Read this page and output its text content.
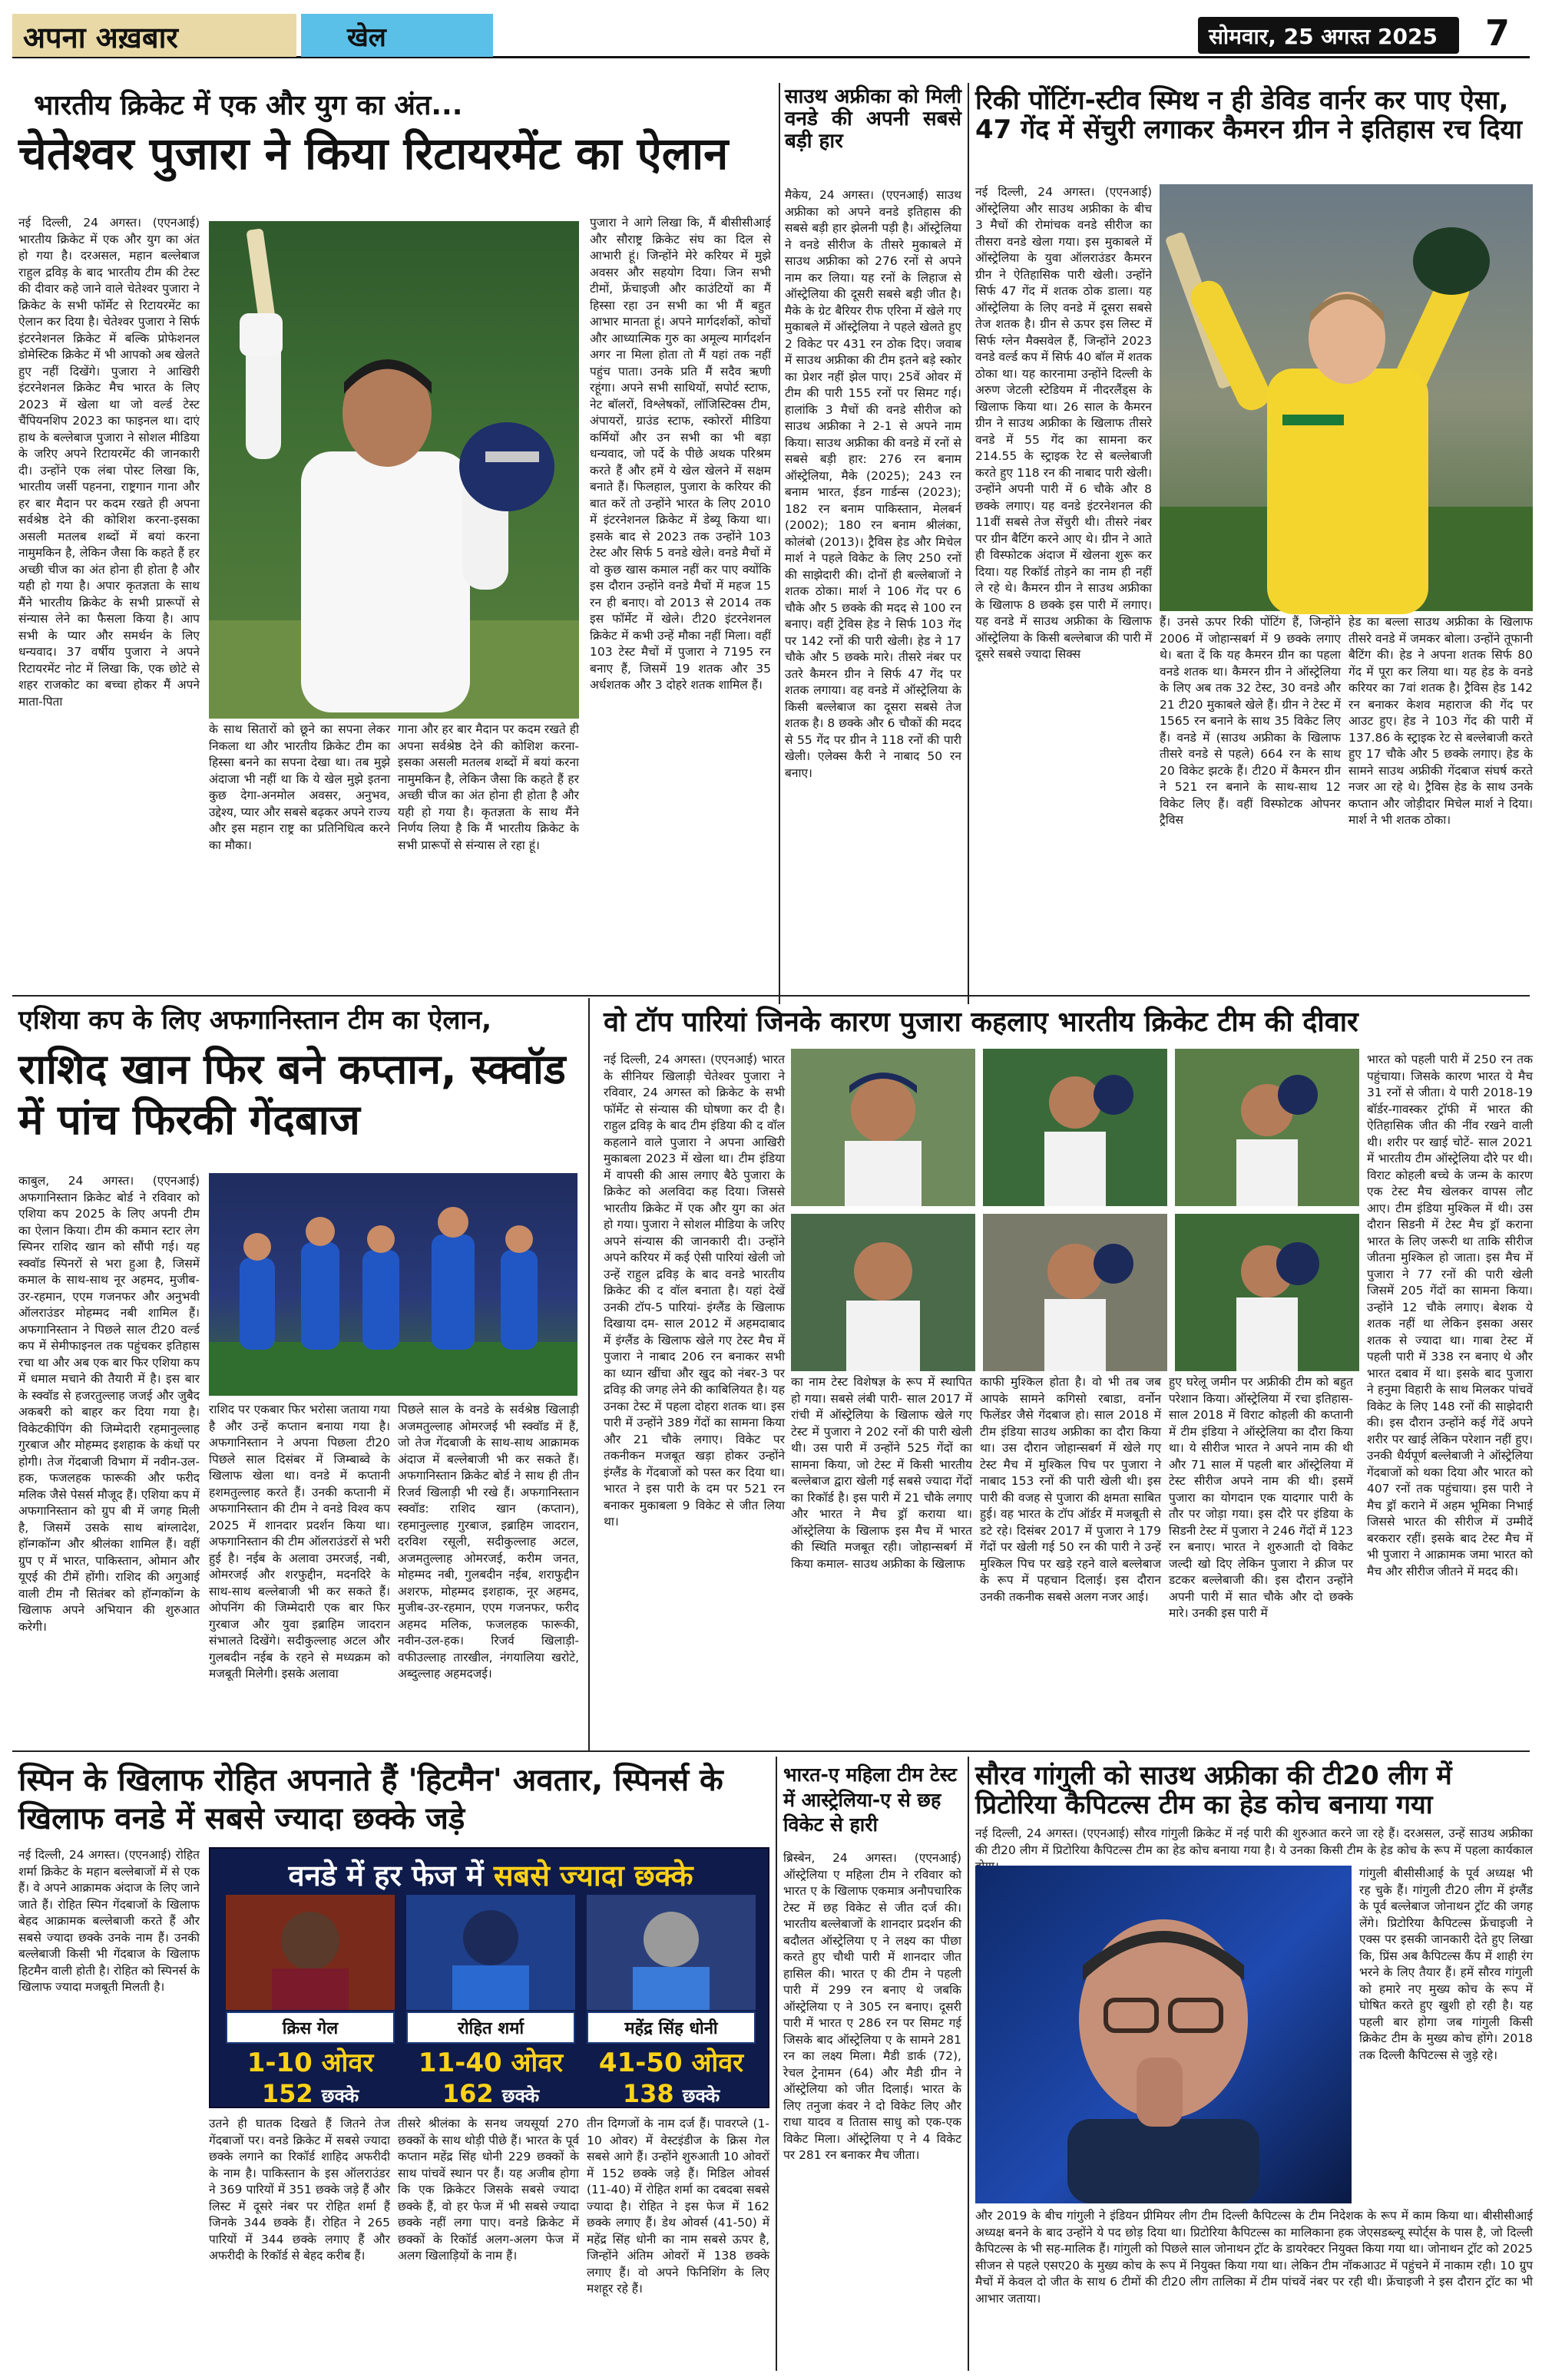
अपना अख़बार	खेल	सोमवार, 25 अगस्त 2025	7
भारतीय क्रिकेट में एक और युग का अंत...
चेतेश्वर पुजारा ने किया रिटायरमेंट का ऐलान
नई दिल्ली, 24 अगस्त। (एएनआई) भारतीय क्रिकेट में एक और युग का अंत हो गया है। दरअसल, महान बल्लेबाज राहुल द्रविड़ के बाद भारतीय टीम की टेस्ट की दीवार कहे जाने वाले चेतेश्वर पुजारा ने क्रिकेट के सभी फॉर्मेट से रिटायरमेंट का ऐलान कर दिया है। चेतेश्वर पुजारा ने सिर्फ इंटरनेशनल क्रिकेट में बल्कि प्रोफेशनल डोमेस्टिक क्रिकेट में भी आपको अब खेलते हुए नहीं दिखेंगे। पुजारा ने आखिरी इंटरनेशनल क्रिकेट मैच भारत के लिए 2023 में खेला था जो वर्ल्ड टेस्ट चैंपियनशिप 2023 का फाइनल था। दाएं हाथ के बल्लेबाज पुजारा ने सोशल मीडिया के जरिए अपने रिटायरमेंट की जानकारी दी। उन्होंने एक लंबा पोस्ट लिखा कि, भारतीय जर्सी पहनना, राष्ट्रगान गाना और हर बार मैदान पर कदम रखते ही अपना सर्वश्रेष्ठ देने की कोशिश करना-इसका असली मतलब शब्दों में बयां करना नामुमकिन है, लेकिन जैसा कि कहते हैं हर अच्छी चीज का अंत होना ही होता है और यही हो गया है। अपार कृतज्ञता के साथ मैंने भारतीय क्रिकेट के सभी प्रारूपों से संन्यास लेने का फैसला किया है। आप सभी के प्यार और समर्थन के लिए धन्यवाद। 37 वर्षीय पुजारा ने अपने रिटायरमेंट नोट में लिखा कि, एक छोटे से शहर राजकोट का बच्चा होकर मैं अपने माता-पिता
के साथ सितारों को छूने का सपना लेकर निकला था और भारतीय क्रिकेट टीम का हिस्सा बनने का सपना देखा था। तब मुझे अंदाजा भी नहीं था कि ये खेल मुझे इतना कुछ देगा-अनमोल अवसर, अनुभव, उद्देश्य, प्यार और सबसे बढ़कर अपने राज्य और इस महान राष्ट्र का प्रतिनिधित्व करने का मौका।
गाना और हर बार मैदान पर कदम रखते ही अपना सर्वश्रेष्ठ देने की कोशिश करना-इसका असली मतलब शब्दों में बयां करना नामुमकिन है, लेकिन जैसा कि कहते हैं हर अच्छी चीज का अंत होना ही होता है और यही हो गया है। कृतज्ञता के साथ मैंने निर्णय लिया है कि मैं भारतीय क्रिकेट के सभी प्रारूपों से संन्यास ले रहा हूं।
पुजारा ने आगे लिखा कि, मैं बीसीसीआई और सौराष्ट्र क्रिकेट संघ का दिल से आभारी हूं। जिन्होंने मेरे करियर में मुझे अवसर और सहयोग दिया। जिन सभी टीमों, फ्रेंचाइजी और काउंटियों का मैं हिस्सा रहा उन सभी का भी मैं बहुत आभार मानता हूं। अपने मार्गदर्शकों, कोचों और आध्यात्मिक गुरु का अमूल्य मार्गदर्शन अगर ना मिला होता तो मैं यहां तक नहीं पहुंच पाता। उनके प्रति मैं सदैव ऋणी रहूंगा। अपने सभी साथियों, सपोर्ट स्टाफ, नेट बॉलरों, विश्लेषकों, लॉजिस्टिक्स टीम, अंपायरों, ग्राउंड स्टाफ, स्कोररों मीडिया कर्मियों और उन सभी का भी बड़ा धन्यवाद, जो पर्दे के पीछे अथक परिश्रम करते हैं और हमें ये खेल खेलने में सक्षम बनाते हैं। फिलहाल, पुजारा के करियर की बात करें तो उन्होंने भारत के लिए 2010 में इंटरनेशनल क्रिकेट में डेब्यू किया था। इसके बाद से 2023 तक उन्होंने 103 टेस्ट और सिर्फ 5 वनडे खेले। वनडे मैचों में वो कुछ खास कमाल नहीं कर पाए क्योंकि इस दौरान उन्होंने वनडे मैचों में महज 15 रन ही बनाए। वो 2013 से 2014 तक इस फॉर्मेट में खेले। टी20 इंटरनेशनल क्रिकेट में कभी उन्हें मौका नहीं मिला। वहीं 103 टेस्ट मैचों में पुजारा ने 7195 रन बनाए हैं, जिसमें 19 शतक और 35 अर्धशतक और 3 दोहरे शतक शामिल हैं।
साउथ अफ्रीका को मिली वनडे की अपनी सबसे बड़ी हार
मैकेय, 24 अगस्त। (एएनआई) साउथ अफ्रीका को अपने वनडे इतिहास की सबसे बड़ी हार झेलनी पड़ी है। ऑस्ट्रेलिया ने वनडे सीरीज के तीसरे मुकाबले में साउथ अफ्रीका को 276 रनों से अपने नाम कर लिया। यह रनों के लिहाज से ऑस्ट्रेलिया की दूसरी सबसे बड़ी जीत है। मैके के ग्रेट बैरियर रीफ एरिना में खेले गए मुकाबले में ऑस्ट्रेलिया ने पहले खेलते हुए 2 विकेट पर 431 रन ठोक दिए। जवाब में साउथ अफ्रीका की टीम इतने बड़े स्कोर का प्रेशर नहीं झेल पाए। 25वें ओवर में टीम की पारी 155 रनों पर सिमट गई। हालांकि 3 मैचों की वनडे सीरीज को साउथ अफ्रीका ने 2-1 से अपने नाम किया। साउथ अफ्रीका की वनडे में रनों से सबसे बड़ी हार: 276 रन बनाम ऑस्ट्रेलिया, मैके (2025); 243 रन बनाम भारत, ईडन गार्डन्स (2023); 182 रन बनाम पाकिस्तान, मेलबर्न (2002); 180 रन बनाम श्रीलंका, कोलंबो (2013)। ट्रैविस हेड और मिचेल मार्श ने पहले विकेट के लिए 250 रनों की साझेदारी की। दोनों ही बल्लेबाजों ने शतक ठोका। मार्श ने 106 गेंद पर 6 चौके और 5 छक्के की मदद से 100 रन बनाए। वहीं ट्रेविस हेड ने सिर्फ 103 गेंद पर 142 रनों की पारी खेली। हेड ने 17 चौके और 5 छक्के मारे। तीसरे नंबर पर उतरे कैमरन ग्रीन ने सिर्फ 47 गेंद पर शतक लगाया। वह वनडे में ऑस्ट्रेलिया के किसी बल्लेबाज का दूसरा सबसे तेज शतक है। 8 छक्के और 6 चौकों की मदद से 55 गेंद पर ग्रीन ने 118 रनों की पारी खेली। एलेक्स कैरी ने नाबाद 50 रन बनाए।
रिकी पोंटिंग-स्टीव स्मिथ न ही डेविड वार्नर कर पाए ऐसा, 47 गेंद में सेंचुरी लगाकर कैमरन ग्रीन ने इतिहास रच दिया
नई दिल्ली, 24 अगस्त। (एएनआई) ऑस्ट्रेलिया और साउथ अफ्रीका के बीच 3 मैचों की रोमांचक वनडे सीरीज का तीसरा वनडे खेला गया। इस मुकाबले में ऑस्ट्रेलिया के युवा ऑलराउंडर कैमरन ग्रीन ने ऐतिहासिक पारी खेली। उन्होंने सिर्फ 47 गेंद में शतक ठोक डाला। यह ऑस्ट्रेलिया के लिए वनडे में दूसरा सबसे तेज शतक है। ग्रीन से ऊपर इस लिस्ट में सिर्फ ग्लेन मैक्सवेल हैं, जिन्होंने 2023 वनडे वर्ल्ड कप में सिर्फ 40 बॉल में शतक ठोका था। यह कारनामा उन्होंने दिल्ली के अरुण जेटली स्टेडियम में नीदरलैंड्स के खिलाफ किया था। 26 साल के कैमरन ग्रीन ने साउथ अफ्रीका के खिलाफ तीसरे वनडे में 55 गेंद का सामना कर 214.55 के स्ट्राइक रेट से बल्लेबाजी करते हुए 118 रन की नाबाद पारी खेली। उन्होंने अपनी पारी में 6 चौके और 8 छक्के लगाए। यह वनडे इंटरनेशनल की 11वीं सबसे तेज सेंचुरी थी। तीसरे नंबर पर ग्रीन बैटिंग करने आए थे। ग्रीन ने आते ही विस्फोटक अंदाज में खेलना शुरू कर दिया। यह रिकॉर्ड तोड़ने का नाम ही नहीं ले रहे थे। कैमरन ग्रीन ने साउथ अफ्रीका के खिलाफ 8 छक्के इस पारी में लगाए। यह वनडे में साउथ अफ्रीका के खिलाफ ऑस्ट्रेलिया के किसी बल्लेबाज की पारी में दूसरे सबसे ज्यादा सिक्स
हैं। उनसे ऊपर रिकी पोंटिंग हैं, जिन्होंने 2006 में जोहान्सबर्ग में 9 छक्के लगाए थे। बता दें कि यह कैमरन ग्रीन का पहला वनडे शतक था। कैमरन ग्रीन ने ऑस्ट्रेलिया के लिए अब तक 32 टेस्ट, 30 वनडे और 21 टी20 मुकाबले खेले हैं। ग्रीन ने टेस्ट में 1565 रन बनाने के साथ 35 विकेट लिए हैं। वनडे में (साउथ अफ्रीका के खिलाफ तीसरे वनडे से पहले) 664 रन के साथ 20 विकेट झटके हैं। टी20 में कैमरन ग्रीन ने 521 रन बनाने के साथ-साथ 12 विकेट लिए हैं। वहीं विस्फोटक ओपनर ट्रैविस
हेड का बल्ला साउथ अफ्रीका के खिलाफ तीसरे वनडे में जमकर बोला। उन्होंने तूफानी बैटिंग की। हेड ने अपना शतक सिर्फ 80 गेंद में पूरा कर लिया था। यह हेड के वनडे करियर का 7वां शतक है। ट्रैविस हेड 142 रन बनाकर केशव महाराज की गेंद पर आउट हुए। हेड ने 103 गेंद की पारी में 137.86 के स्ट्राइक रेट से बल्लेबाजी करते हुए 17 चौके और 5 छक्के लगाए। हेड के सामने साउथ अफ्रीकी गेंदबाज संघर्ष करते नजर आ रहे थे। ट्रैविस हेड के साथ उनके कप्तान और जोड़ीदार मिचेल मार्श ने दिया। मार्श ने भी शतक ठोका।
एशिया कप के लिए अफगानिस्तान टीम का ऐलान,
राशिद खान फिर बने कप्तान, स्क्वॉड में पांच फिरकी गेंदबाज
काबुल, 24 अगस्त। (एएनआई) अफगानिस्तान क्रिकेट बोर्ड ने रविवार को एशिया कप 2025 के लिए अपनी टीम का ऐलान किया। टीम की कमान स्टार लेग स्पिनर राशिद खान को सौंपी गई। यह स्क्वॉड स्पिनरों से भरा हुआ है, जिसमें कमाल के साथ-साथ नूर अहमद, मुजीब-उर-रहमान, एएम गजनफर और अनुभवी ऑलराउंडर मोहम्मद नबी शामिल हैं। अफगानिस्तान ने पिछले साल टी20 वर्ल्ड कप में सेमीफाइनल तक पहुंचकर इतिहास रचा था और अब एक बार फिर एशिया कप में धमाल मचाने की तैयारी में है। इस बार के स्क्वॉड से हजरतुल्लाह जजई और जुबैद अकबरी को बाहर कर दिया गया है। विकेटकीपिंग की जिम्मेदारी रहमानुल्लाह गुरबाज और मोहम्मद इशहाक के कंधों पर होगी। तेज गेंदबाजी विभाग में नवीन-उल-हक, फजलहक फारूकी और फरीद मलिक जैसे पेसर्स मौजूद हैं। एशिया कप में अफगानिस्तान को ग्रुप बी में जगह मिली है, जिसमें उसके साथ बांग्लादेश, हॉन्गकॉन्ग और श्रीलंका शामिल हैं। वहीं ग्रुप ए में भारत, पाकिस्तान, ओमान और यूएई की टीमें होंगी। राशिद की अगुआई वाली टीम नौ सितंबर को हॉन्गकॉन्ग के खिलाफ अपने अभियान की शुरुआत करेगी।
राशिद पर एकबार फिर भरोसा जताया गया है और उन्हें कप्तान बनाया गया है। अफगानिस्तान ने अपना पिछला टी20 पिछले साल दिसंबर में जिम्बाब्वे के खिलाफ खेला था। वनडे में कप्तानी हशमतुल्लाह करते हैं। उनकी कप्तानी में अफगानिस्तान की टीम ने वनडे विश्व कप 2025 में शानदार प्रदर्शन किया था। अफगानिस्तान की टीम ऑलराउंडरों से भरी हुई है। नईब के अलावा उमरजई, नबी, ओमरजई और शरफुद्दीन, मदनदिरे के साथ-साथ बल्लेबाजी भी कर सकते हैं। ओपनिंग की जिम्मेदारी एक बार फिर गुरबाज और युवा इब्राहिम जादरान संभालते दिखेंगे। सदीकुल्लाह अटल और गुलबदीन नईब के रहने से मध्यक्रम को मजबूती मिलेगी। इसके अलावा
पिछले साल के वनडे के सर्वश्रेष्ठ खिलाड़ी अजमतुल्लाह ओमरजई भी स्क्वॉड में हैं, जो तेज गेंदबाजी के साथ-साथ आक्रामक अंदाज में बल्लेबाजी भी कर सकते हैं। अफगानिस्तान क्रिकेट बोर्ड ने साथ ही तीन रिजर्व खिलाड़ी भी रखे हैं। अफगानिस्तान स्क्वॉड: राशिद खान (कप्तान), रहमानुल्लाह गुरबाज, इब्राहिम जादरान, दरविश रसूली, सदीकुल्लाह अटल, अजमतुल्लाह ओमरजई, करीम जनत, मोहम्मद नबी, गुलबदीन नईब, शराफुद्दीन अशरफ, मोहम्मद इशहाक, नूर अहमद, मुजीब-उर-रहमान, एएम गजनफर, फरीद अहमद मलिक, फजलहक फारूकी, नवीन-उल-हक। रिजर्व खिलाड़ी-वफीउल्लाह तारखील, नंगयालिया खरोटे, अब्दुल्लाह अहमदजई।
वो टॉप पारियां जिनके कारण पुजारा कहलाए भारतीय क्रिकेट टीम की दीवार
नई दिल्ली, 24 अगस्त। (एएनआई) भारत के सीनियर खिलाड़ी चेतेश्वर पुजारा ने रविवार, 24 अगस्त को क्रिकेट के सभी फॉर्मेट से संन्यास की घोषणा कर दी है। राहुल द्रविड़ के बाद टीम इंडिया की द वॉल कहलाने वाले पुजारा ने अपना आखिरी मुकाबला 2023 में खेला था। टीम इंडिया में वापसी की आस लगाए बैठे पुजारा के क्रिकेट को अलविदा कह दिया। जिससे भारतीय क्रिकेट में एक और युग का अंत हो गया। पुजारा ने सोशल मीडिया के जरिए अपने संन्यास की जानकारी दी। उन्होंने अपने करियर में कई ऐसी पारियां खेली जो उन्हें राहुल द्रविड़ के बाद वनडे भारतीय क्रिकेट की द वॉल बनाता है। यहां देखें उनकी टॉप-5 पारियां- इंग्लैंड के खिलाफ दिखाया दम- साल 2012 में अहमदाबाद में इंग्लैंड के खिलाफ खेले गए टेस्ट मैच में पुजारा ने नाबाद 206 रन बनाकर सभी का ध्यान खींचा और खुद को नंबर-3 पर द्रविड़ की जगह लेने की काबिलियत है। यह उनका टेस्ट में पहला दोहरा शतक था। इस पारी में उन्होंने 389 गेंदों का सामना किया और 21 चौके लगाए। विकेट पर तकनीकन मजबूत खड़ा होकर उन्होंने इंग्लैंड के गेंदबाजों को पस्त कर दिया था। भारत ने इस पारी के दम पर 521 रन बनाकर मुकाबला 9 विकेट से जीत लिया था।
का नाम टेस्ट विशेषज्ञ के रूप में स्थापित हो गया। सबसे लंबी पारी- साल 2017 में रांची में ऑस्ट्रेलिया के खिलाफ खेले गए टेस्ट में पुजारा ने 202 रनों की पारी खेली थी। उस पारी में उन्होंने 525 गेंदों का सामना किया, जो टेस्ट में किसी भारतीय बल्लेबाज द्वारा खेली गई सबसे ज्यादा गेंदों का रिकॉर्ड है। इस पारी में 21 चौके लगाए और भारत ने मैच ड्रॉ कराया था। ऑस्ट्रेलिया के खिलाफ इस मैच में भारत की स्थिति मजबूत रही। जोहान्सबर्ग में किया कमाल- साउथ अफ्रीका के खिलाफ
काफी मुश्किल होता है। वो भी तब जब आपके सामने कगिसो रबाडा, वर्नोन फिलेंडर जैसे गेंदबाज हो। साल 2018 में टीम इंडिया साउथ अफ्रीका का दौरा किया था। उस दौरान जोहान्सबर्ग में खेले गए टेस्ट मैच में मुश्किल पिच पर पुजारा ने नाबाद 153 रनों की पारी खेली थी। इस पारी की वजह से पुजारा की क्षमता साबित हुई। वह भारत के टॉप ऑर्डर में मजबूती से डटे रहे। दिसंबर 2017 में पुजारा ने 179 गेंदों पर खेली गई 50 रन की पारी ने उन्हें मुश्किल पिच पर खड़े रहने वाले बल्लेबाज के रूप में पहचान दिलाई। इस दौरान उनकी तकनीक सबसे अलग नजर आई।
हुए घरेलू जमीन पर अफ्रीकी टीम को बहुत परेशान किया। ऑस्ट्रेलिया में रचा इतिहास- साल 2018 में विराट कोहली की कप्तानी में टीम इंडिया ने ऑस्ट्रेलिया का दौरा किया था। ये सीरीज भारत ने अपने नाम की थी और 71 साल में पहली बार ऑस्ट्रेलिया में टेस्ट सीरीज अपने नाम की थी। इसमें पुजारा का योगदान एक यादगार पारी के तौर पर जोड़ा गया। इस दौरे पर इंडिया के सिडनी टेस्ट में पुजारा ने 246 गेंदों में 123 रन बनाए। भारत ने शुरुआती दो विकेट जल्दी खो दिए लेकिन पुजारा ने क्रीज पर डटकर बल्लेबाजी की। इस दौरान उन्होंने अपनी पारी में सात चौके और दो छक्के मारे। उनकी इस पारी में
भारत को पहली पारी में 250 रन तक पहुंचाया। जिसके कारण भारत ये मैच 31 रनों से जीता। ये पारी 2018-19 बॉर्डर-गावस्कर ट्रॉफी में भारत की ऐतिहासिक जीत की नींव रखने वाली थी। शरीर पर खाई चोटें- साल 2021 में भारतीय टीम ऑस्ट्रेलिया दौरे पर थी। विराट कोहली बच्चे के जन्म के कारण एक टेस्ट मैच खेलकर वापस लौट आए। टीम इंडिया मुश्किल में थी। उस दौरान सिडनी में टेस्ट मैच ड्रॉ कराना भारत के लिए जरूरी था ताकि सीरीज जीतना मुश्किल हो जाता। इस मैच में पुजारा ने 77 रनों की पारी खेली जिसमें 205 गेंदों का सामना किया। उन्होंने 12 चौके लगाए। बेशक ये शतक नहीं था लेकिन इसका असर शतक से ज्यादा था। गाबा टेस्ट में पहली पारी में 338 रन बनाए थे और भारत दबाव में था। इसके बाद पुजारा ने हनुमा विहारी के साथ मिलकर पांचवें विकेट के लिए 148 रनों की साझेदारी की। इस दौरान उन्होंने कई गेंदें अपने शरीर पर खाई लेकिन परेशान नहीं हुए। उनकी धैर्यपूर्ण बल्लेबाजी ने ऑस्ट्रेलिया गेंदबाजों को थका दिया और भारत को 407 रनों तक पहुंचाया। इस पारी ने मैच ड्रॉ कराने में अहम भूमिका निभाई जिससे भारत की सीरीज में उम्मीदें बरकरार रहीं। इसके बाद टेस्ट मैच में भी पुजारा ने आक्रामक जमा भारत को मैच और सीरीज जीतने में मदद की।
स्पिन के खिलाफ रोहित अपनाते हैं 'हिटमैन' अवतार, स्पिनर्स के खिलाफ वनडे में सबसे ज्यादा छक्के जड़े
नई दिल्ली, 24 अगस्त। (एएनआई) रोहित शर्मा क्रिकेट के महान बल्लेबाजों में से एक हैं। वे अपने आक्रामक अंदाज के लिए जाने जाते हैं। रोहित स्पिन गेंदबाजों के खिलाफ बेहद आक्रामक बल्लेबाजी करते हैं और सबसे ज्यादा छक्के उनके नाम हैं। उनकी बल्लेबाजी किसी भी गेंदबाज के खिलाफ हिटमैन वाली होती है। रोहित को स्पिनर्स के खिलाफ ज्यादा मजबूती मिलती है।
वनडे में हर फेज में सबसे ज्यादा छक्के
क्रिस गेल
1-10 ओवर
152 छक्के
रोहित शर्मा
11-40 ओवर
162 छक्के
महेंद्र सिंह धोनी
41-50 ओवर
138 छक्के
उतने ही घातक दिखते हैं जितने तेज गेंदबाजों पर। वनडे क्रिकेट में सबसे ज्यादा छक्के लगाने का रिकॉर्ड शाहिद अफरीदी के नाम है। पाकिस्तान के इस ऑलराउंडर ने 369 पारियों में 351 छक्के जड़े हैं और लिस्ट में दूसरे नंबर पर रोहित शर्मा हैं जिनके 344 छक्के हैं। रोहित ने 265 पारियों में 344 छक्के लगाए हैं और अफरीदी के रिकॉर्ड से बेहद करीब हैं।
तीसरे श्रीलंका के सनथ जयसूर्या 270 छक्कों के साथ थोड़ी पीछे हैं। भारत के पूर्व कप्तान महेंद्र सिंह धोनी 229 छक्कों के साथ पांचवें स्थान पर हैं। यह अजीब होगा कि एक क्रिकेटर जिसके सबसे ज्यादा छक्के हैं, वो हर फेज में भी सबसे ज्यादा छक्के नहीं लगा पाए। वनडे क्रिकेट में छक्कों के रिकॉर्ड अलग-अलग फेज में अलग खिलाड़ियों के नाम हैं।
तीन दिग्गजों के नाम दर्ज हैं। पावरप्ले (1-10 ओवर) में वेस्टइंडीज के क्रिस गेल सबसे आगे हैं। उन्होंने शुरुआती 10 ओवरों में 152 छक्के जड़े हैं। मिडिल ओवर्स (11-40) में रोहित शर्मा का दबदबा सबसे ज्यादा है। रोहित ने इस फेज में 162 छक्के लगाए हैं। डेथ ओवर्स (41-50) में महेंद्र सिंह धोनी का नाम सबसे ऊपर है, जिन्होंने अंतिम ओवरों में 138 छक्के लगाए हैं। वो अपने फिनिशिंग के लिए मशहूर रहे हैं।
भारत-ए महिला टीम टेस्ट में आस्ट्रेलिया-ए से छह विकेट से हारी
ब्रिस्बेन, 24 अगस्त। (एएनआई) ऑस्ट्रेलिया ए महिला टीम ने रविवार को भारत ए के खिलाफ एकमात्र अनौपचारिक टेस्ट में छह विकेट से जीत दर्ज की। भारतीय बल्लेबाजों के शानदार प्रदर्शन की बदौलत ऑस्ट्रेलिया ए ने लक्ष्य का पीछा करते हुए चौथी पारी में शानदार जीत हासिल की। भारत ए की टीम ने पहली पारी में 299 रन बनाए थे जबकि ऑस्ट्रेलिया ए ने 305 रन बनाए। दूसरी पारी में भारत ए 286 रन पर सिमट गई जिसके बाद ऑस्ट्रेलिया ए के सामने 281 रन का लक्ष्य मिला। मैडी डार्क (72), रेचल ट्रेनामन (64) और मैडी ग्रीन ने ऑस्ट्रेलिया को जीत दिलाई। भारत के लिए तनुजा कंवर ने दो विकेट लिए और राधा यादव व तितास साधु को एक-एक विकेट मिला। ऑस्ट्रेलिया ए ने 4 विकेट पर 281 रन बनाकर मैच जीता।
सौरव गांगुली को साउथ अफ्रीका की टी20 लीग में प्रिटोरिया कैपिटल्स टीम का हेड कोच बनाया गया
नई दिल्ली, 24 अगस्त। (एएनआई) सौरव गांगुली क्रिकेट में नई पारी की शुरुआत करने जा रहे हैं। दरअसल, उन्हें साउथ अफ्रीका की टी20 लीग में प्रिटोरिया कैपिटल्स टीम का हेड कोच बनाया गया है। ये उनका किसी टीम के हेड कोच के रूप में पहला कार्यकाल
गांगुली बीसीसीआई के पूर्व अध्यक्ष भी रह चुके हैं। गांगुली टी20 लीग में इंग्लैंड के पूर्व बल्लेबाज जोनाथन ट्रॉट की जगह लेंगे। प्रिटोरिया कैपिटल्स फ्रेंचाइजी ने एक्स पर इसकी जानकारी देते हुए लिखा कि, प्रिंस अब कैपिटल्स कैंप में शाही रंग भरने के लिए तैयार हैं। हमें सौरव गांगुली को हमारे नए मुख्य कोच के रूप में घोषित करते हुए खुशी हो रही है। यह पहली बार होगा जब गांगुली किसी क्रिकेट टीम के मुख्य कोच होंगे। 2018 तक दिल्ली कैपिटल्स से जुड़े रहे।
और 2019 के बीच गांगुली ने इंडियन प्रीमियर लीग टीम दिल्ली कैपिटल्स के टीम निदेशक के रूप में काम किया था। बीसीसीआई अध्यक्ष बनने के बाद उन्होंने ये पद छोड़ दिया था। प्रिटोरिया कैपिटल्स का मालिकाना हक जेएसडब्ल्यू स्पोर्ट्स के पास है, जो दिल्ली कैपिटल्स के भी सह-मालिक हैं। गांगुली को पिछले साल जोनाथन ट्रॉट के डायरेक्टर नियुक्त किया गया था। जोनाथन ट्रॉट को 2025 सीजन से पहले एसए20 के मुख्य कोच के रूप में नियुक्त किया गया था। लेकिन टीम नॉकआउट में पहुंचने में नाकाम रही। 10 ग्रुप मैचों में केवल दो जीत के साथ 6 टीमों की टी20 लीग तालिका में टीम पांचवें नंबर पर रही थी। फ्रेंचाइजी ने इस दौरान ट्रॉट का भी आभार जताया।
